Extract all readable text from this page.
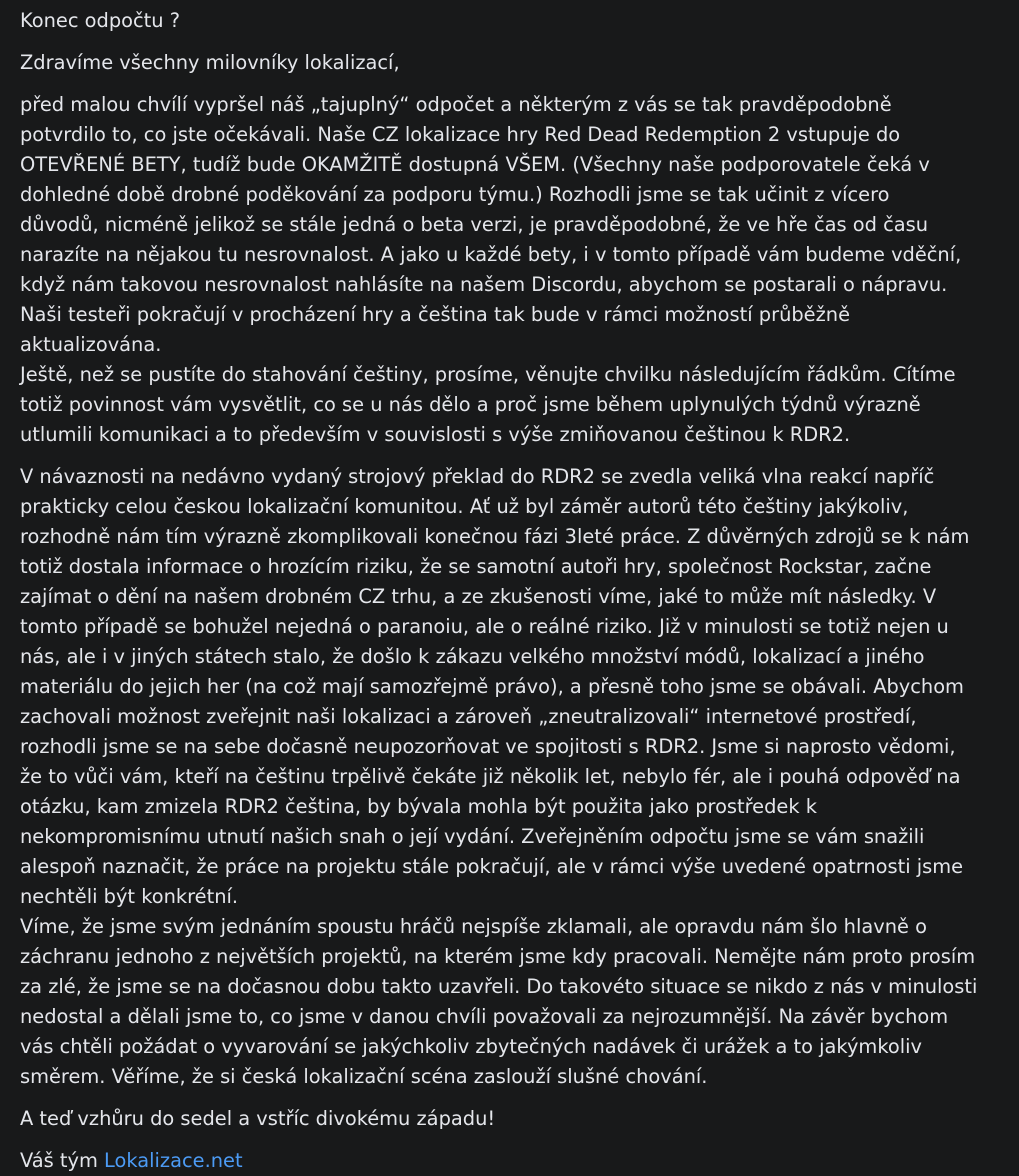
Konec odpočtu ?
Zdravíme všechny milovníky lokalizací,
před malou chvílí vypršel náš „tajuplný“ odpočet a některým z vás se tak pravděpodobně
potvrdilo to, co jste očekávali. Naše CZ lokalizace hry Red Dead Redemption 2 vstupuje do
OTEVŘENÉ BETY, tudíž bude OKAMŽITĚ dostupná VŠEM. (Všechny naše podporovatele čeká v
dohledné době drobné poděkování za podporu týmu.) Rozhodli jsme se tak učinit z vícero
důvodů, nicméně jelikož se stále jedná o beta verzi, je pravděpodobné, že ve hře čas od času
narazíte na nějakou tu nesrovnalost. A jako u každé bety, i v tomto případě vám budeme vděční,
když nám takovou nesrovnalost nahlásíte na našem Discordu, abychom se postarali o nápravu.
Naši testeři pokračují v procházení hry a čeština tak bude v rámci možností průběžně
aktualizována.
Ještě, než se pustíte do stahování češtiny, prosíme, věnujte chvilku následujícím řádkům. Cítíme
totiž povinnost vám vysvětlit, co se u nás dělo a proč jsme během uplynulých týdnů výrazně
utlumili komunikaci a to především v souvislosti s výše zmiňovanou češtinou k RDR2.
V návaznosti na nedávno vydaný strojový překlad do RDR2 se zvedla veliká vlna reakcí napříč
prakticky celou českou lokalizační komunitou. Ať už byl záměr autorů této češtiny jakýkoliv,
rozhodně nám tím výrazně zkomplikovali konečnou fázi 3leté práce. Z důvěrných zdrojů se k nám
totiž dostala informace o hrozícím riziku, že se samotní autoři hry, společnost Rockstar, začne
zajímat o dění na našem drobném CZ trhu, a ze zkušenosti víme, jaké to může mít následky. V
tomto případě se bohužel nejedná o paranoiu, ale o reálné riziko. Již v minulosti se totiž nejen u
nás, ale i v jiných státech stalo, že došlo k zákazu velkého množství módů, lokalizací a jiného
materiálu do jejich her (na což mají samozřejmě právo), a přesně toho jsme se obávali. Abychom
zachovali možnost zveřejnit naši lokalizaci a zároveň „zneutralizovali“ internetové prostředí,
rozhodli jsme se na sebe dočasně neupozorňovat ve spojitosti s RDR2. Jsme si naprosto vědomi,
že to vůči vám, kteří na češtinu trpělivě čekáte již několik let, nebylo fér, ale i pouhá odpověď na
otázku, kam zmizela RDR2 čeština, by bývala mohla být použita jako prostředek k
nekompromisnímu utnutí našich snah o její vydání. Zveřejněním odpočtu jsme se vám snažili
alespoň naznačit, že práce na projektu stále pokračují, ale v rámci výše uvedené opatrnosti jsme
nechtěli být konkrétní.
Víme, že jsme svým jednáním spoustu hráčů nejspíše zklamali, ale opravdu nám šlo hlavně o
záchranu jednoho z největších projektů, na kterém jsme kdy pracovali. Nemějte nám proto prosím
za zlé, že jsme se na dočasnou dobu takto uzavřeli. Do takovéto situace se nikdo z nás v minulosti
nedostal a dělali jsme to, co jsme v danou chvíli považovali za nejrozumnější. Na závěr bychom
vás chtěli požádat o vyvarování se jakýchkoliv zbytečných nadávek či urážek a to jakýmkoliv
směrem. Věříme, že si česká lokalizační scéna zaslouží slušné chování.
A teď vzhůru do sedel a vstříc divokému západu!
Váš tým Lokalizace.net
